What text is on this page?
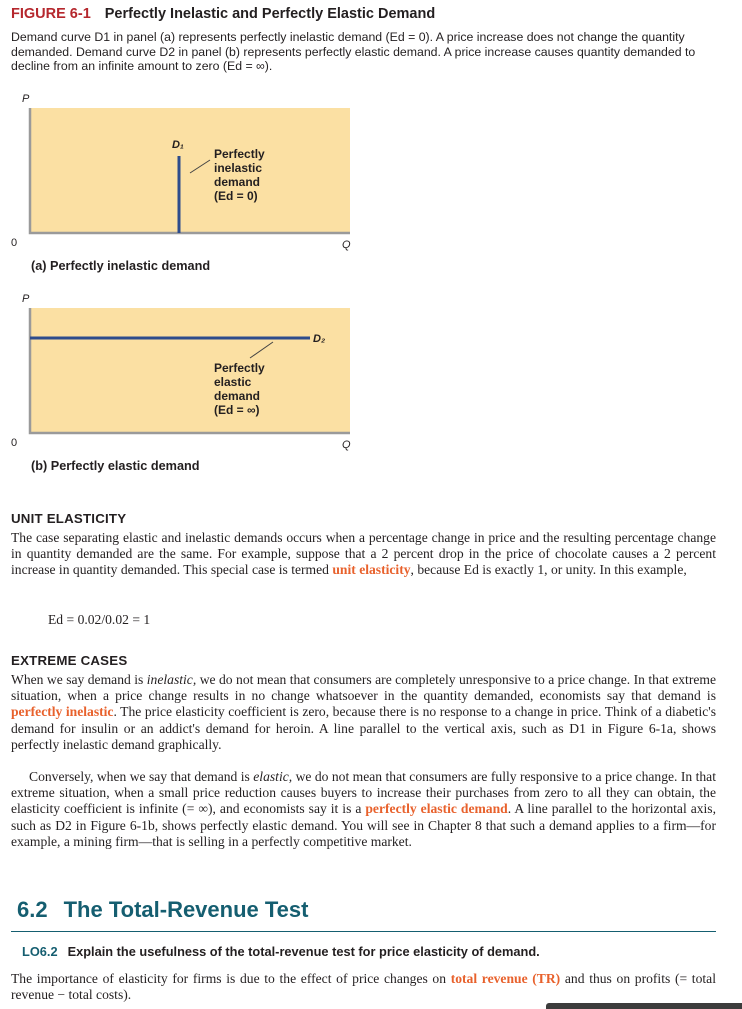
FIGURE 6-1 Perfectly Inelastic and Perfectly Elastic Demand

Demand curve D1 in panel (a) represents perfectly inelastic demand (Ed = 0). A price increase does not change the quantity demanded. Demand curve D2 in panel (b) represents perfectly elastic demand. A price increase causes quantity demanded to decline from an infinite amount to zero (Ed = ∞).

P
0	Q
D₁
Perfectly
inelastic
demand
(Ed = 0)
(a) Perfectly inelastic demand
P
0	Q
D₂
Perfectly
elastic
demand
(Ed = ∞)
(b) Perfectly elastic demand
UNIT ELASTICITY

The case separating elastic and inelastic demands occurs when a percentage change in price and the resulting percentage change in quantity demanded are the same. For example, suppose that a 2 percent drop in the price of chocolate causes a 2 percent increase in quantity demanded. This special case is termed unit elasticity, because Ed is exactly 1, or unity. In this example,

Ed = 0.02/0.02 = 1
EXTREME CASES

When we say demand is inelastic, we do not mean that consumers are completely unresponsive to a price change. In that extreme situation, when a price change results in no change whatsoever in the quantity demanded, economists say that demand is perfectly inelastic. The price elasticity coefficient is zero, because there is no response to a change in price. Think of a diabetic's demand for insulin or an addict's demand for heroin. A line parallel to the vertical axis, such as D1 in Figure 6-1a, shows perfectly inelastic demand graphically.

Conversely, when we say that demand is elastic, we do not mean that consumers are fully responsive to a price change. In that extreme situation, when a small price reduction causes buyers to increase their purchases from zero to all they can obtain, the elasticity coefficient is infinite (= ∞), and economists say it is a perfectly elastic demand. A line parallel to the horizontal axis, such as D2 in Figure 6-1b, shows perfectly elastic demand. You will see in Chapter 8 that such a demand applies to a firm—for example, a mining firm—that is selling in a perfectly competitive market.

6.2 The Total-Revenue Test
LO6.2 Explain the usefulness of the total-revenue test for price elasticity of demand.

The importance of elasticity for firms is due to the effect of price changes on total revenue (TR) and thus on profits (= total revenue − total costs).
